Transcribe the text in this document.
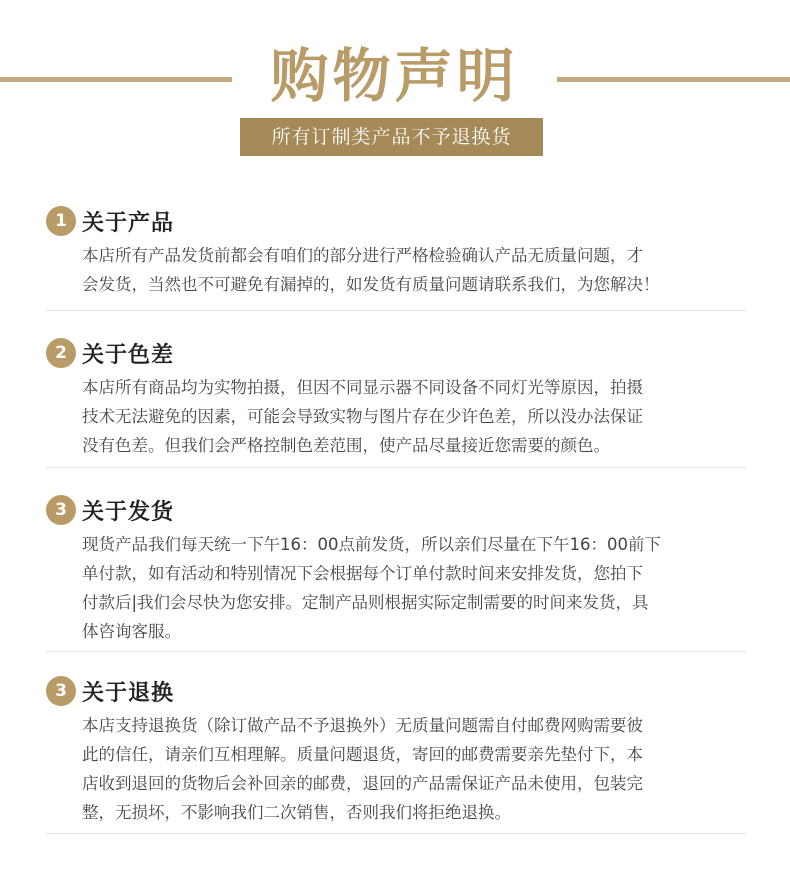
购物声明
所有订制类产品不予退换货
1 关于产品
本店所有产品发货前都会有咱们的部分进行严格检验确认产品无质量问题，才
会发货，当然也不可避免有漏掉的，如发货有质量问题请联系我们，为您解决！
2 关于色差
本店所有商品均为实物拍摄，但因不同显示器不同设备不同灯光等原因，拍摄
技术无法避免的因素，可能会导致实物与图片存在少许色差，所以没办法保证
没有色差。但我们会严格控制色差范围，使产品尽量接近您需要的颜色。
3 关于发货
现货产品我们每天统一下午16：00点前发货，所以亲们尽量在下午16：00前下
单付款，如有活动和特别情况下会根据每个订单付款时间来安排发货，您拍下
付款后|我们会尽快为您安排。定制产品则根据实际定制需要的时间来发货，具
体咨询客服。
3 关于退换
本店支持退换货（除订做产品不予退换外）无质量问题需自付邮费网购需要彼
此的信任，请亲们互相理解。质量问题退货，寄回的邮费需要亲先垫付下，本
店收到退回的货物后会补回亲的邮费，退回的产品需保证产品未使用，包装完
整，无损坏，不影响我们二次销售，否则我们将拒绝退换。
